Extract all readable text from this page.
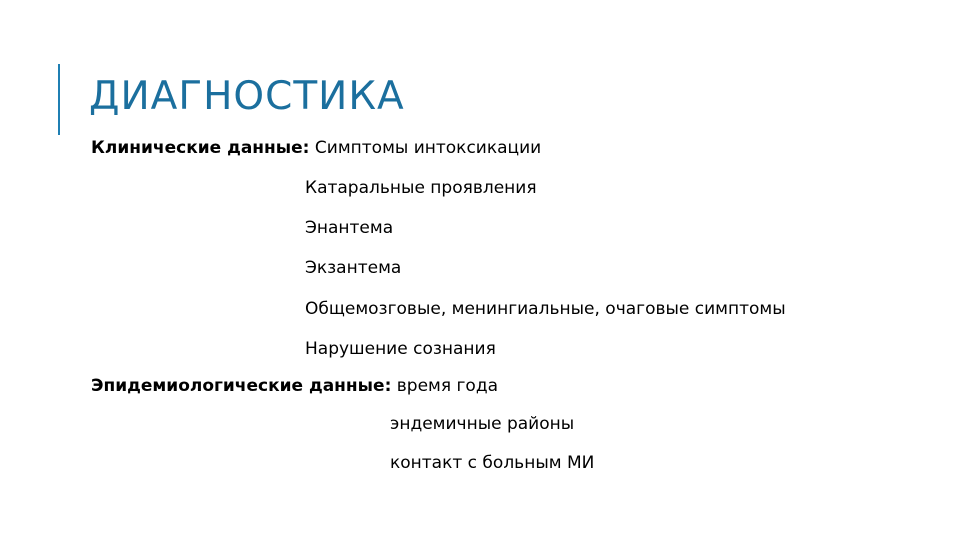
ДИАГНОСТИКА
Клинические данные: Симптомы интоксикации
Катаральные проявления
Энантема
Экзантема
Общемозговые, менингиальные, очаговые симптомы
Нарушение сознания
Эпидемиологические данные: время года
эндемичные районы
контакт с больным МИ
